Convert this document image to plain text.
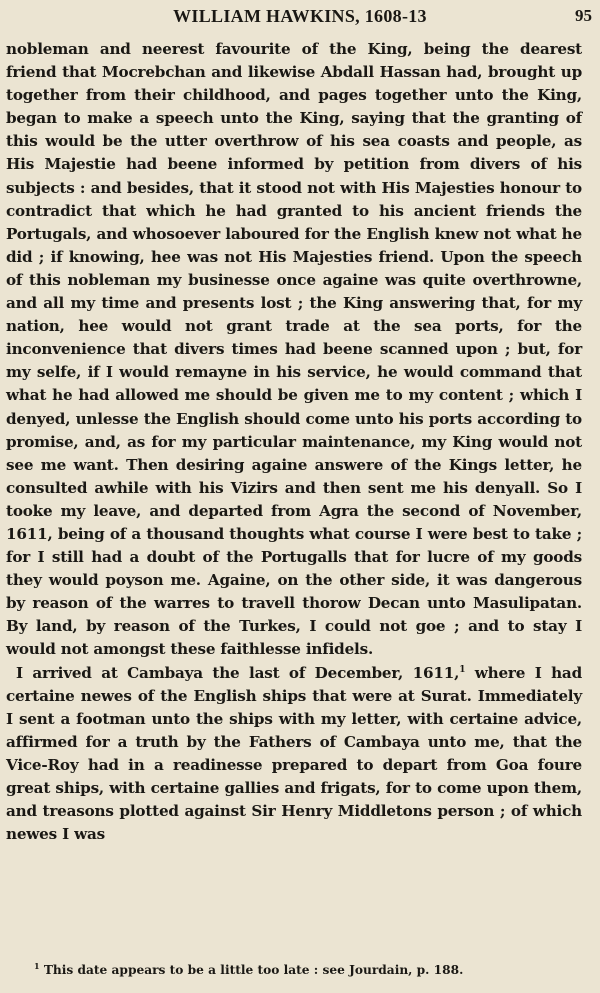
WILLIAM HAWKINS, 1608-13	95

nobleman and neerest favourite of the King, being the dearest friend that Mocrebchan and likewise Abdall Hassan had, brought up together from their childhood, and pages together unto the King, began to make a speech unto the King, saying that the granting of this would be the utter overthrow of his sea coasts and people, as His Majestie had beene informed by petition from divers of his subjects : and besides, that it stood not with His Majesties honour to contradict that which he had granted to his ancient friends the Portugals, and whosoever laboured for the English knew not what he did ; if knowing, hee was not His Majesties friend. Upon the speech of this nobleman my businesse once againe was quite overthrowne, and all my time and presents lost ; the King answering that, for my nation, hee would not grant trade at the sea ports, for the inconvenience that divers times had beene scanned upon ; but, for my selfe, if I would remayne in his service, he would command that what he had allowed me should be given me to my content ; which I denyed, unlesse the English should come unto his ports according to promise, and, as for my particular maintenance, my King would not see me want. Then desiring againe answere of the Kings letter, he consulted awhile with his Vizirs and then sent me his denyall. So I tooke my leave, and departed from Agra the second of November, 1611, being of a thousand thoughts what course I were best to take ; for I still had a doubt of the Portugalls that for lucre of my goods they would poyson me. Againe, on the other side, it was dangerous by reason of the warres to travell thorow Decan unto Masulipatan. By land, by reason of the Turkes, I could not goe ; and to stay I would not amongst these faithlesse infidels.

I arrived at Cambaya the last of December, 1611,$^1$ where I had certaine newes of the English ships that were at Surat. Immediately I sent a footman unto the ships with my letter, with certaine advice, affirmed for a truth by the Fathers of Cambaya unto me, that the Vice-Roy had in a readinesse prepared to depart from Goa foure great ships, with certaine gallies and frigats, for to come upon them, and treasons plotted against Sir Henry Middletons person ; of which newes I was

$^1$ This date appears to be a little too late : see Jourdain, p. 188.
